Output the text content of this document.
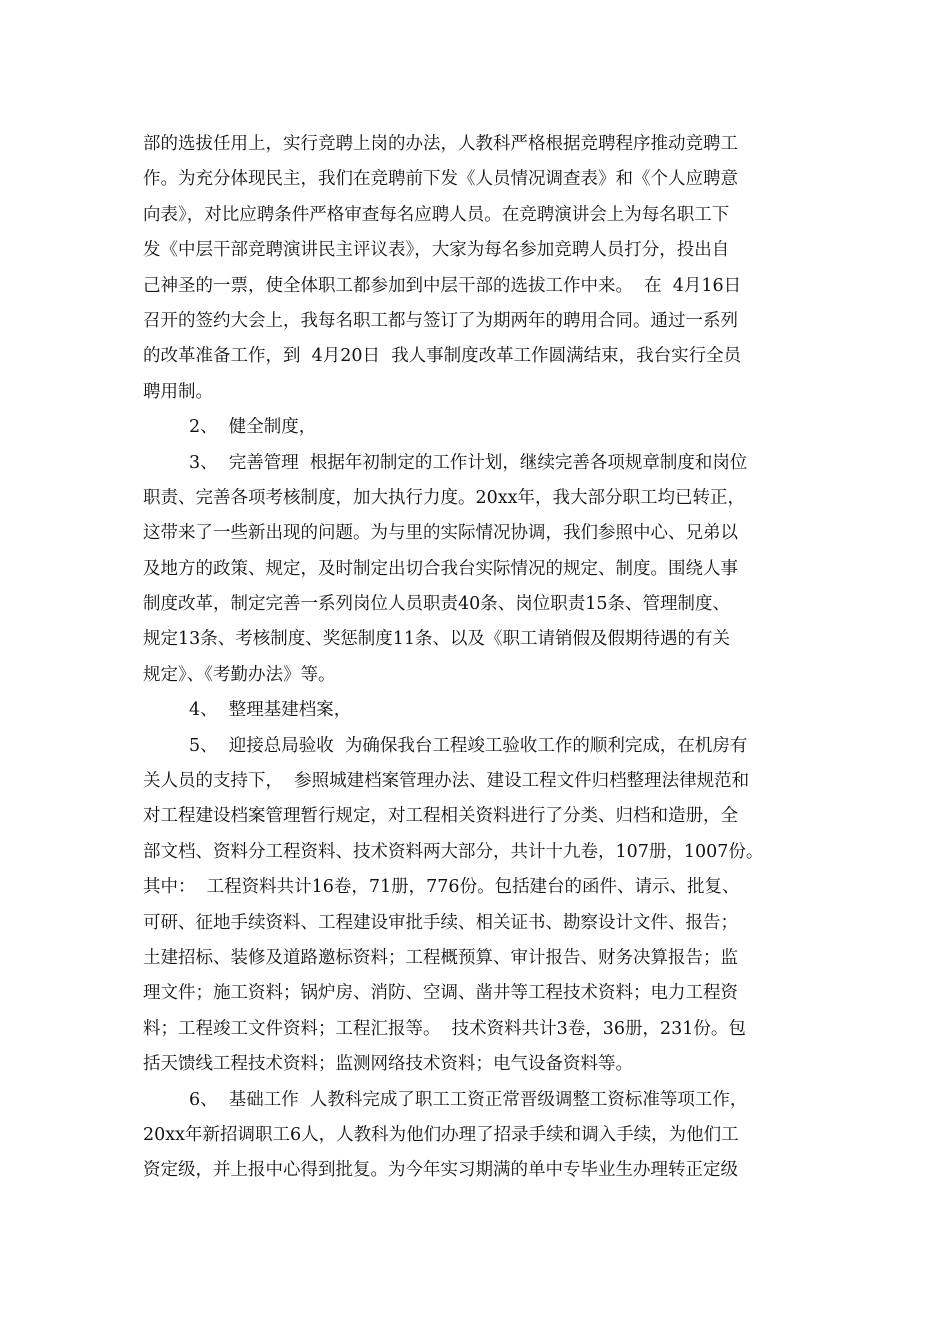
部的选拔任用上，实行竞聘上岗的办法，人教科严格根据竞聘程序推动竞聘工
作。为充分体现民主，我们在竞聘前下发《人员情况调查表》和《个人应聘意
向表》，对比应聘条件严格审查每名应聘人员。在竞聘演讲会上为每名职工下
发《中层干部竞聘演讲民主评议表》，大家为每名参加竞聘人员打分，投出自
己神圣的一票，使全体职工都参加到中层干部的选拔工作中来。  在  4月16日
召开的签约大会上，我每名职工都与签订了为期两年的聘用合同。通过一系列
的改革准备工作，到  4月20日  我人事制度改革工作圆满结束，我台实行全员
聘用制。
2、  健全制度，
3、  完善管理  根据年初制定的工作计划，继续完善各项规章制度和岗位
职责、完善各项考核制度，加大执行力度。20xx年，我大部分职工均已转正，
这带来了一些新出现的问题。为与里的实际情况协调，我们参照中心、兄弟以
及地方的政策、规定，及时制定出切合我台实际情况的规定、制度。围绕人事
制度改革，制定完善一系列岗位人员职责40条、岗位职责15条、管理制度、
规定13条、考核制度、奖惩制度11条、以及《职工请销假及假期待遇的有关
规定》、《考勤办法》等。
4、  整理基建档案，
5、  迎接总局验收  为确保我台工程竣工验收工作的顺利完成，在机房有
关人员的支持下，  参照城建档案管理办法、建设工程文件归档整理法律规范和
对工程建设档案管理暂行规定，对工程相关资料进行了分类、归档和造册，全
部文档、资料分工程资料、技术资料两大部分，共计十九卷，107册，1007份。
其中：  工程资料共计16卷，71册，776份。包括建台的函件、请示、批复、
可研、征地手续资料、工程建设审批手续、相关证书、勘察设计文件、报告；
土建招标、装修及道路邀标资料；工程概预算、审计报告、财务决算报告；监
理文件；施工资料；锅炉房、消防、空调、凿井等工程技术资料；电力工程资
料；工程竣工文件资料；工程汇报等。  技术资料共计3卷，36册，231份。包
括天馈线工程技术资料；监测网络技术资料；电气设备资料等。
6、  基础工作  人教科完成了职工工资正常晋级调整工资标准等项工作，
20xx年新招调职工6人，人教科为他们办理了招录手续和调入手续，为他们工
资定级，并上报中心得到批复。为今年实习期满的单中专毕业生办理转正定级
